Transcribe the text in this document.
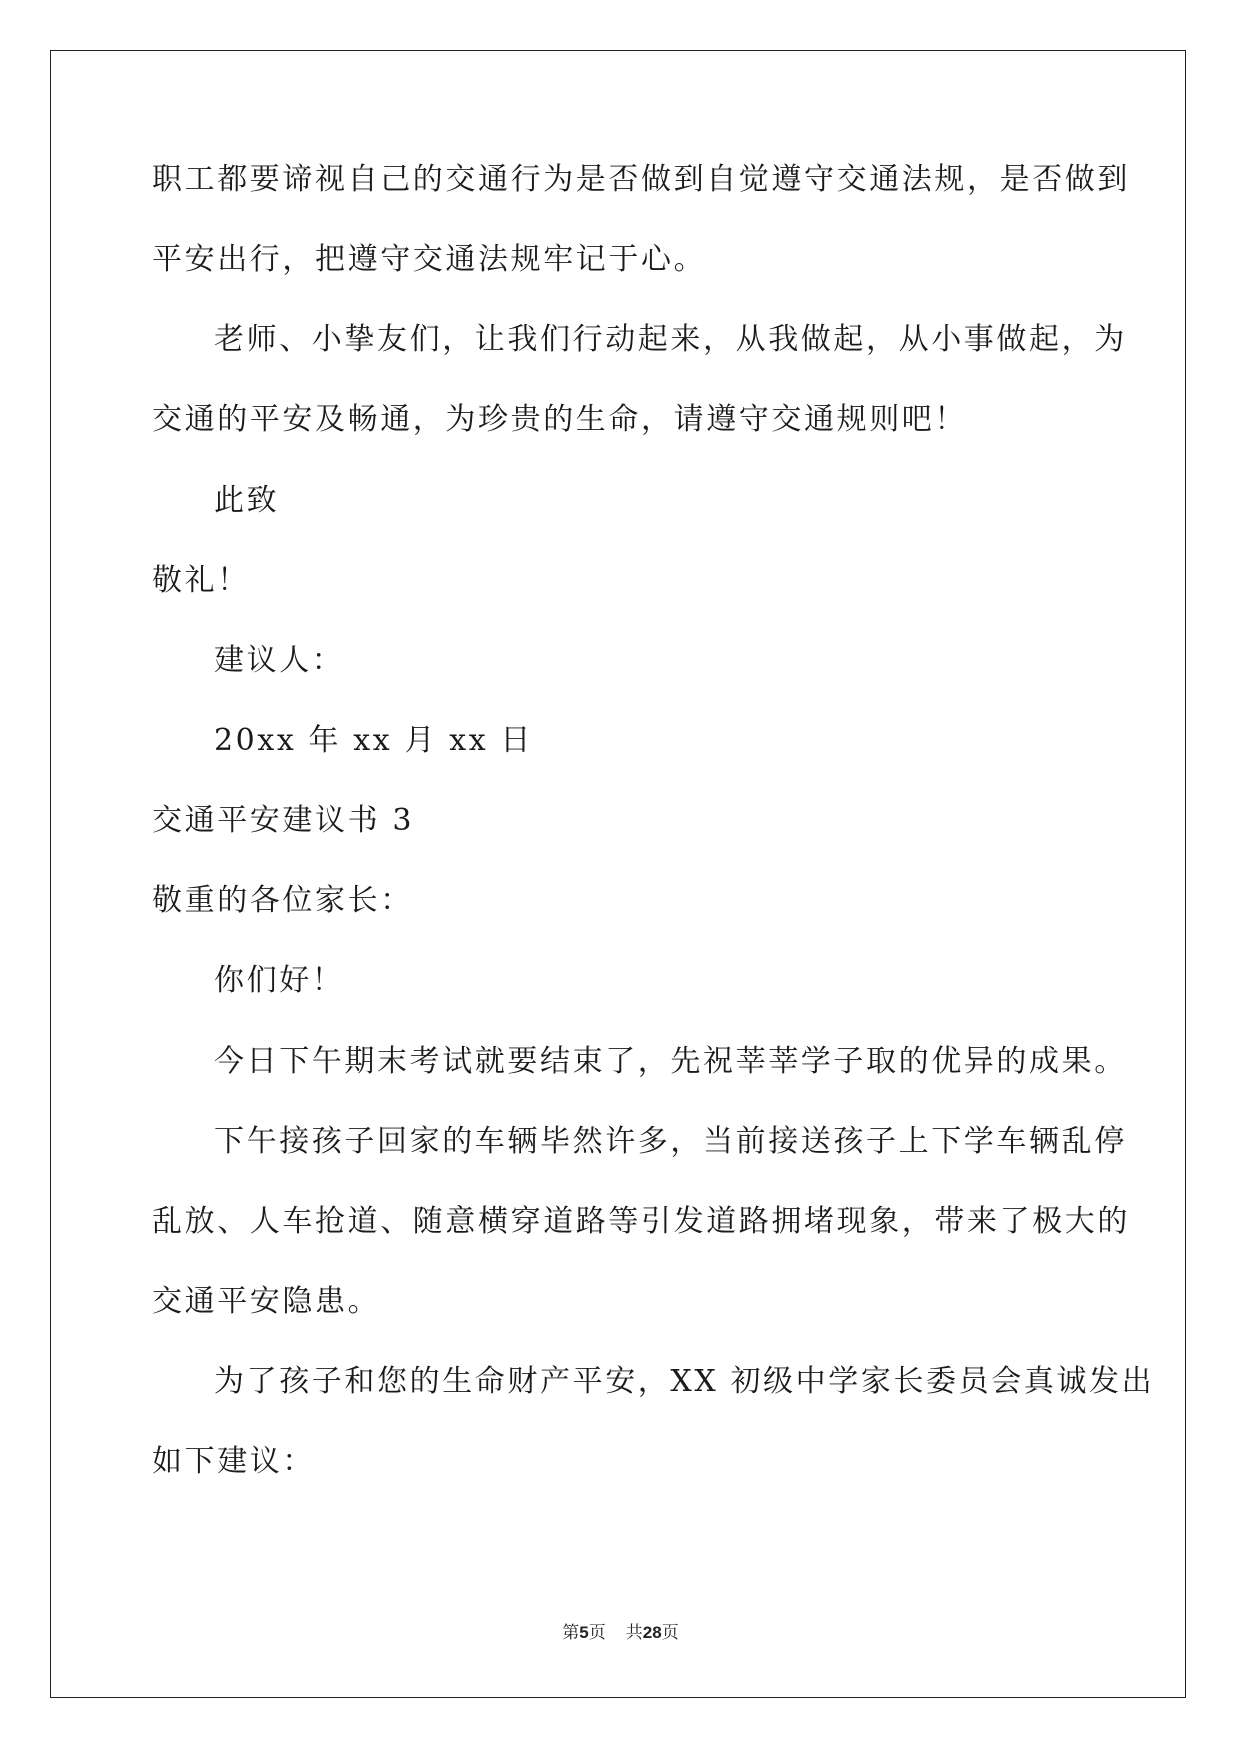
职工都要谛视自己的交通行为是否做到自觉遵守交通法规，是否做到
平安出行，把遵守交通法规牢记于心。
老师、小挚友们，让我们行动起来，从我做起，从小事做起，为
交通的平安及畅通，为珍贵的生命，请遵守交通规则吧！
此致
敬礼！
建议人：
20xx 年 xx 月 xx 日
交通平安建议书 3
敬重的各位家长：
你们好！
今日下午期末考试就要结束了，先祝莘莘学子取的优异的成果。
下午接孩子回家的车辆毕然许多，当前接送孩子上下学车辆乱停
乱放、人车抢道、随意横穿道路等引发道路拥堵现象，带来了极大的
交通平安隐患。
为了孩子和您的生命财产平安，XX 初级中学家长委员会真诚发出
如下建议：
第5页 共28页
